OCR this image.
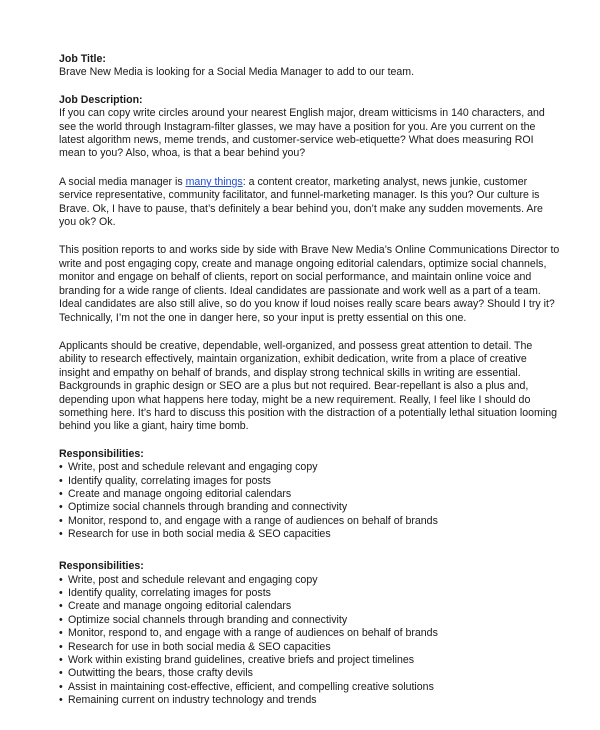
Job Title:

Brave New Media is looking for a Social Media Manager to add to our team.

Job Description:

If you can copy write circles around your nearest English major, dream witticisms in 140 characters, and see the world through Instagram-filter glasses, we may have a position for you. Are you current on the latest algorithm news, meme trends, and customer-service web-etiquette? What does measuring ROI mean to you? Also, whoa, is that a bear behind you?

A social media manager is many things: a content creator, marketing analyst, news junkie, customer service representative, community facilitator, and funnel-marketing manager. Is this you? Our culture is Brave. Ok, I have to pause, that’s definitely a bear behind you, don’t make any sudden movements. Are you ok? Ok.

This position reports to and works side by side with Brave New Media’s Online Communications Director to write and post engaging copy, create and manage ongoing editorial calendars, optimize social channels, monitor and engage on behalf of clients, report on social performance, and maintain online voice and branding for a wide range of clients. Ideal candidates are passionate and work well as a part of a team. Ideal candidates are also still alive, so do you know if loud noises really scare bears away? Should I try it? Technically, I’m not the one in danger here, so your input is pretty essential on this one.

Applicants should be creative, dependable, well-organized, and possess great attention to detail. The ability to research effectively, maintain organization, exhibit dedication, write from a place of creative insight and empathy on behalf of brands, and display strong technical skills in writing are essential. Backgrounds in graphic design or SEO are a plus but not required. Bear-repellant is also a plus and, depending upon what happens here today, might be a new requirement. Really, I feel like I should do something here. It’s hard to discuss this position with the distraction of a potentially lethal situation looming behind you like a giant, hairy time bomb.

Responsibilities:
• Write, post and schedule relevant and engaging copy
• Identify quality, correlating images for posts
• Create and manage ongoing editorial calendars
• Optimize social channels through branding and connectivity
• Monitor, respond to, and engage with a range of audiences on behalf of brands
• Research for use in both social media & SEO capacities
Responsibilities:
• Write, post and schedule relevant and engaging copy
• Identify quality, correlating images for posts
• Create and manage ongoing editorial calendars
• Optimize social channels through branding and connectivity
• Monitor, respond to, and engage with a range of audiences on behalf of brands
• Research for use in both social media & SEO capacities
• Work within existing brand guidelines, creative briefs and project timelines
• Outwitting the bears, those crafty devils
• Assist in maintaining cost-effective, efficient, and compelling creative solutions
• Remaining current on industry technology and trends
